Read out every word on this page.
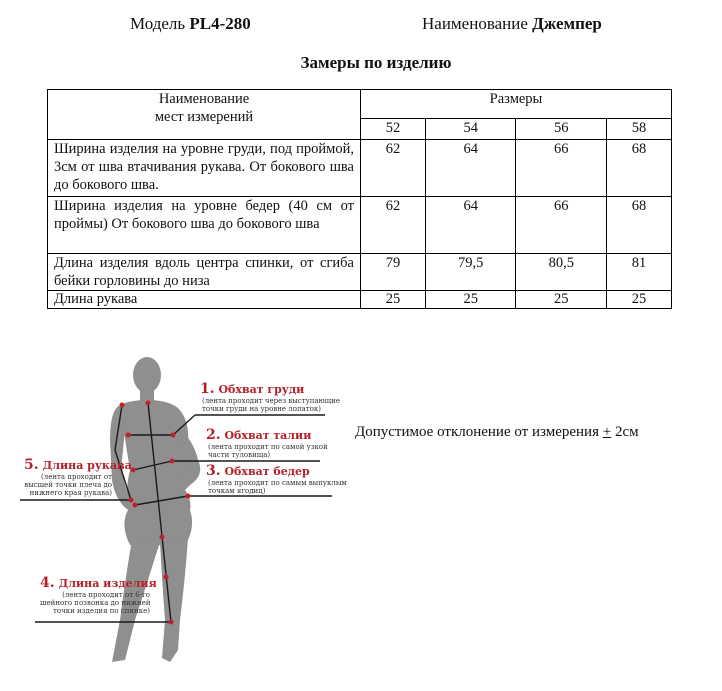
Модель PL4-280	Наименование Джемпер
Замеры по изделию
Наименование
мест измерений	Размеры			
	52	54	56	58
Ширина изделия на уровне груди, под проймой, 3см от шва втачивания рукава. От бокового шва до бокового шва.	62	64	66	68
Ширина изделия на уровне бедер (40 см от проймы) От бокового шва до бокового шва	62	64	66	68
Длина изделия вдоль центра спинки, от сгиба бейки горловины до низа	79	79,5	80,5	81
Длина рукава	25	25	25	25
Допустимое отклонение от измерения + 2см
1. Обхват груди
(лента проходит через выступающие
точки груди на уровне лопаток)
2. Обхват талии
(лента проходит по самой узкой
части туловища)
3. Обхват бедер
(лента проходит по самым выпуклым
точкам ягодиц)
5. Длина рукава
(лента проходит от
высшей точки плеча до
нижнего края рукава)
4. Длина изделия
(лента проходит от 6-го
шейного позвонка до нижней
точки изделия по спинке)
